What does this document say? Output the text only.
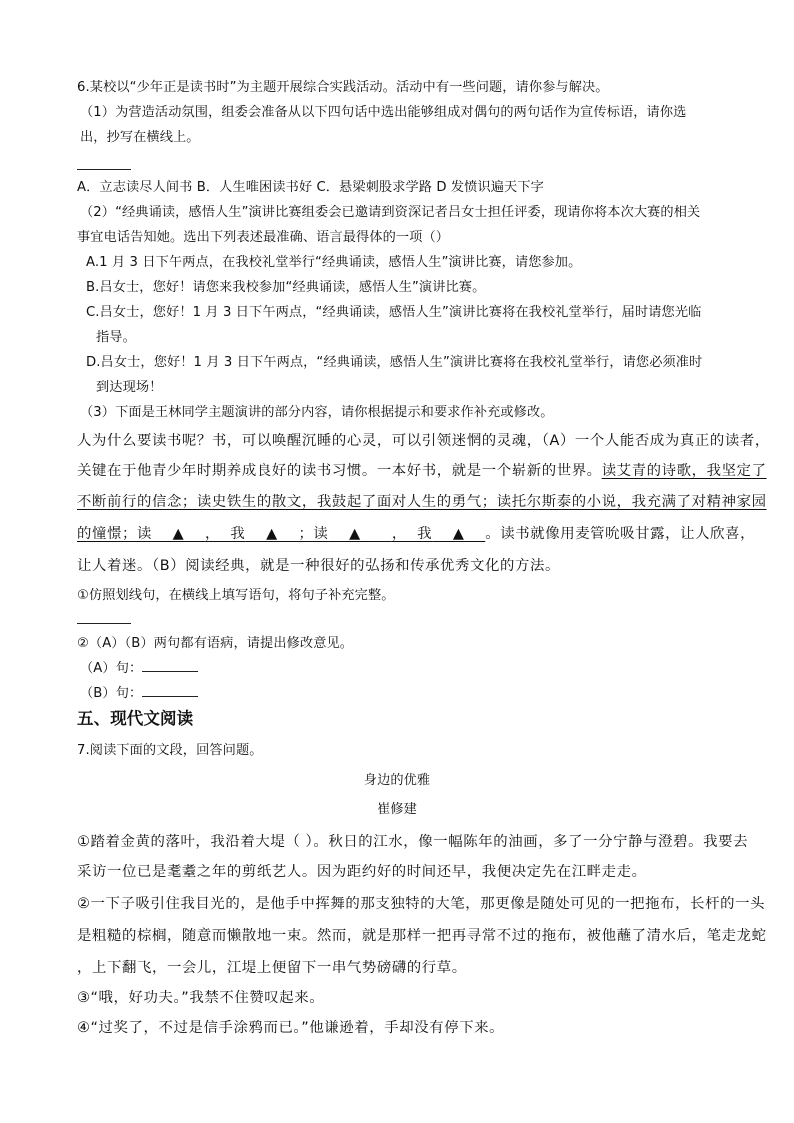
6.某校以“少年正是读书时”为主题开展综合实践活动。活动中有一些问题，请你参与解决。
（1）为营造活动氛围，组委会准备从以下四句话中选出能够组成对偶句的两句话作为宣传标语，请你选
出，抄写在横线上。
A．立志读尽人间书 B．人生唯困读书好 C．悬梁刺股求学路 D 发愤识遍天下字
（2）“经典诵读，感悟人生”演讲比赛组委会已邀请到资深记者吕女士担任评委，现请你将本次大赛的相关
事宜电话告知她。选出下列表述最准确、语言最得体的一项（）
A.1 月 3 日下午两点，在我校礼堂举行“经典诵读，感悟人生”演讲比赛，请您参加。
B.吕女士，您好！请您来我校参加“经典诵读，感悟人生”演讲比赛。
C.吕女士，您好！1 月 3 日下午两点，“经典诵读，感悟人生”演讲比赛将在我校礼堂举行，届时请您光临
指导。
D.吕女士，您好！1 月 3 日下午两点，“经典诵读，感悟人生”演讲比赛将在我校礼堂举行，请您必须准时
到达现场！
（3）下面是王林同学主题演讲的部分内容，请你根据提示和要求作补充或修改。
人为什么要读书呢？书，可以唤醒沉睡的心灵，可以引领迷惘的灵魂，（A）一个人能否成为真正的读者，
关键在于他青少年时期养成良好的读书习惯。一本好书，就是一个崭新的世界。读艾青的诗歌，我坚定了
不断前行的信念；读史铁生的散文，我鼓起了面对人生的勇气；读托尔斯泰的小说，我充满了对精神家园
的憧憬；读    ▲    ，  我    ▲    ；读    ▲      ，  我    ▲    。读书就像用麦管吮吸甘露，让人欣喜，
让人着迷。（B）阅读经典，就是一种很好的弘扬和传承优秀文化的方法。
①仿照划线句，在横线上填写语句，将句子补充完整。
②（A）（B）两句都有语病，请提出修改意见。
（A）句：
（B）句：
五、现代文阅读
7.阅读下面的文段，回答问题。
身边的优雅
崔修建
①踏着金黄的落叶，我沿着大堤（ ）。秋日的江水，像一幅陈年的油画，多了一分宁静与澄碧。我要去
采访一位已是耄耋之年的剪纸艺人。因为距约好的时间还早，我便决定先在江畔走走。
②一下子吸引住我目光的，是他手中挥舞的那支独特的大笔，那更像是随处可见的一把拖布，长杆的一头
是粗糙的棕榈，随意而懒散地一束。然而，就是那样一把再寻常不过的拖布，被他蘸了清水后，笔走龙蛇
，上下翻飞，一会儿，江堤上便留下一串气势磅礴的行草。
③“哦，好功夫。”我禁不住赞叹起来。
④“过奖了，不过是信手涂鸦而已。”他谦逊着，手却没有停下来。
